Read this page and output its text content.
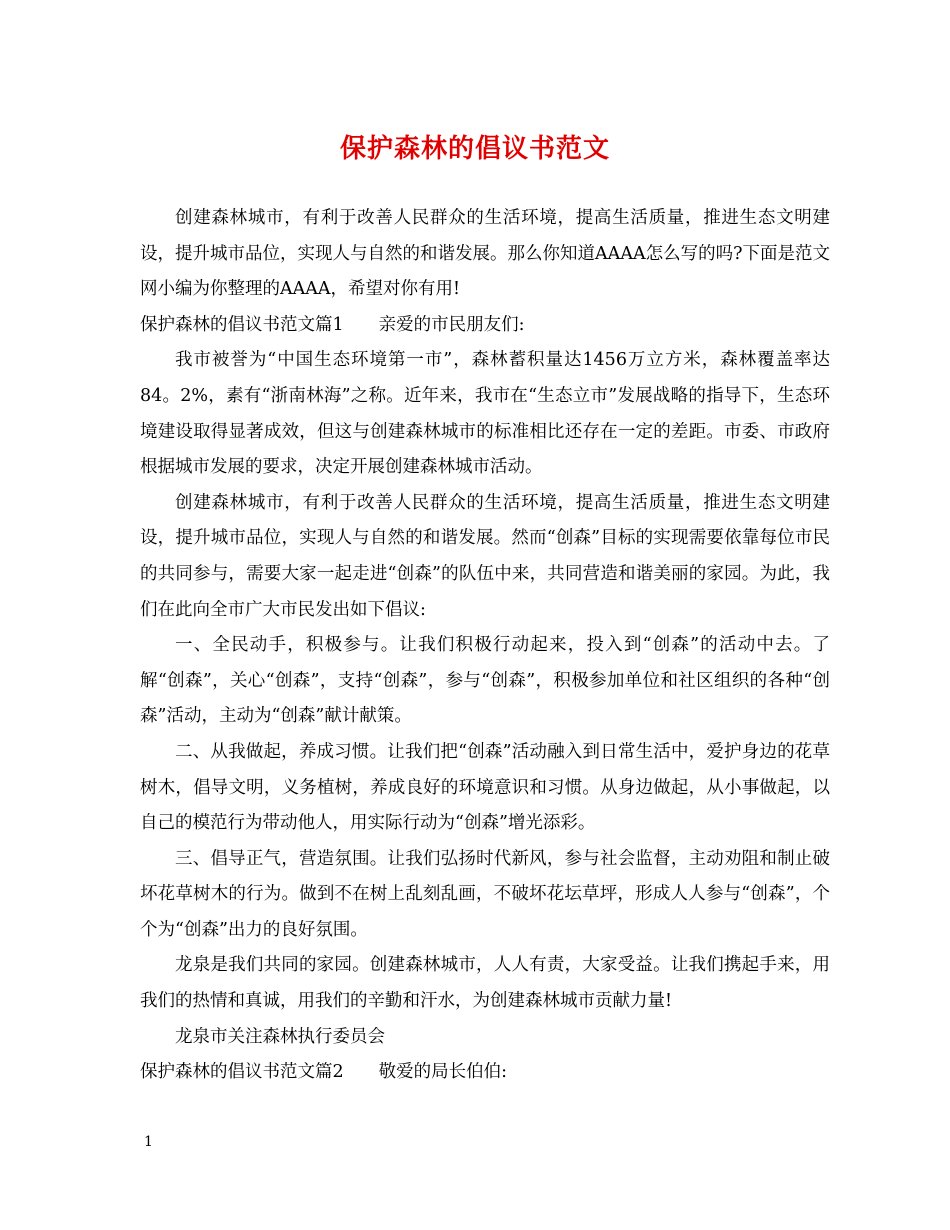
保护森林的倡议书范文

创建森林城市，有利于改善人民群众的生活环境，提高生活质量，推进生态文明建设，提升城市品位，实现人与自然的和谐发展。那么你知道AAAA怎么写的吗?下面是范文网小编为你整理的AAAA，希望对你有用!

保护森林的倡议书范文篇1　　亲爱的市民朋友们:

我市被誉为“中国生态环境第一市”，森林蓄积量达1456万立方米，森林覆盖率达84。2%，素有“浙南林海”之称。近年来，我市在“生态立市”发展战略的指导下，生态环境建设取得显著成效，但这与创建森林城市的标准相比还存在一定的差距。市委、市政府根据城市发展的要求，决定开展创建森林城市活动。

创建森林城市，有利于改善人民群众的生活环境，提高生活质量，推进生态文明建设，提升城市品位，实现人与自然的和谐发展。然而“创森”目标的实现需要依靠每位市民的共同参与，需要大家一起走进“创森”的队伍中来，共同营造和谐美丽的家园。为此，我们在此向全市广大市民发出如下倡议:

一、全民动手，积极参与。让我们积极行动起来，投入到“创森”的活动中去。了解“创森”，关心“创森”，支持“创森”，参与“创森”，积极参加单位和社区组织的各种“创森”活动，主动为“创森”献计献策。

二、从我做起，养成习惯。让我们把“创森”活动融入到日常生活中，爱护身边的花草树木，倡导文明，义务植树，养成良好的环境意识和习惯。从身边做起，从小事做起，以自己的模范行为带动他人，用实际行动为“创森”增光添彩。

三、倡导正气，营造氛围。让我们弘扬时代新风，参与社会监督，主动劝阻和制止破坏花草树木的行为。做到不在树上乱刻乱画，不破坏花坛草坪，形成人人参与“创森”，个个为“创森”出力的良好氛围。

龙泉是我们共同的家园。创建森林城市，人人有责，大家受益。让我们携起手来，用我们的热情和真诚，用我们的辛勤和汗水，为创建森林城市贡献力量!

龙泉市关注森林执行委员会

保护森林的倡议书范文篇2　　敬爱的局长伯伯:

1
